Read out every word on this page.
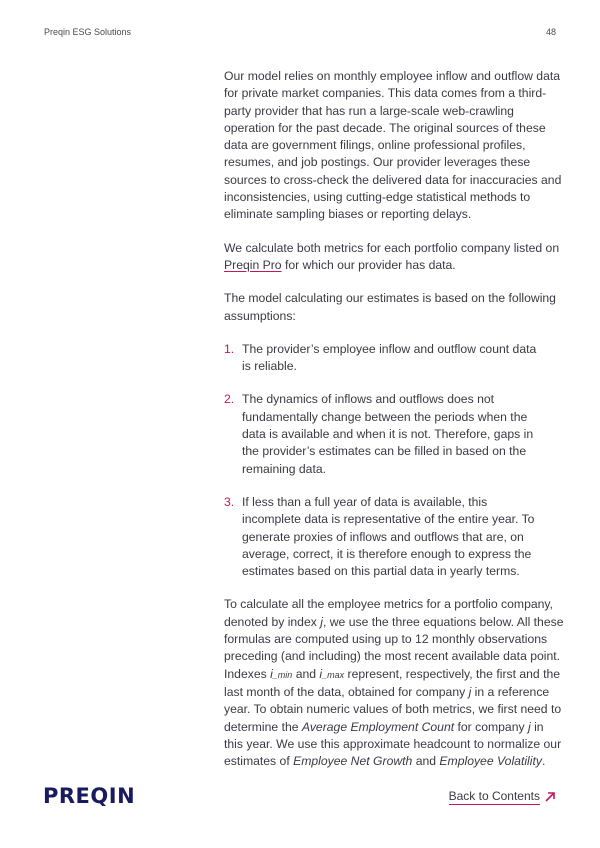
Preqin ESG Solutions	48

Our model relies on monthly employee inflow and outflow data for private market companies. This data comes from a third-party provider that has run a large-scale web-crawling operation for the past decade. The original sources of these data are government filings, online professional profiles, resumes, and job postings. Our provider leverages these sources to cross-check the delivered data for inaccuracies and inconsistencies, using cutting-edge statistical methods to eliminate sampling biases or reporting delays.

We calculate both metrics for each portfolio company listed on Preqin Pro for which our provider has data.

The model calculating our estimates is based on the following assumptions:

1. The provider’s employee inflow and outflow count data is reliable.
2. The dynamics of inflows and outflows does not fundamentally change between the periods when the data is available and when it is not. Therefore, gaps in the provider’s estimates can be filled in based on the remaining data.
3. If less than a full year of data is available, this incomplete data is representative of the entire year. To generate proxies of inflows and outflows that are, on average, correct, it is therefore enough to express the estimates based on this partial data in yearly terms.

To calculate all the employee metrics for a portfolio company, denoted by index j, we use the three equations below. All these formulas are computed using up to 12 monthly observations preceding (and including) the most recent available data point. Indexes i_min and i_max represent, respectively, the first and the last month of the data, obtained for company j in a reference year. To obtain numeric values of both metrics, we first need to determine the Average Employment Count for company j in this year. We use this approximate headcount to normalize our estimates of Employee Net Growth and Employee Volatility.

PREQIN	Back to Contents
